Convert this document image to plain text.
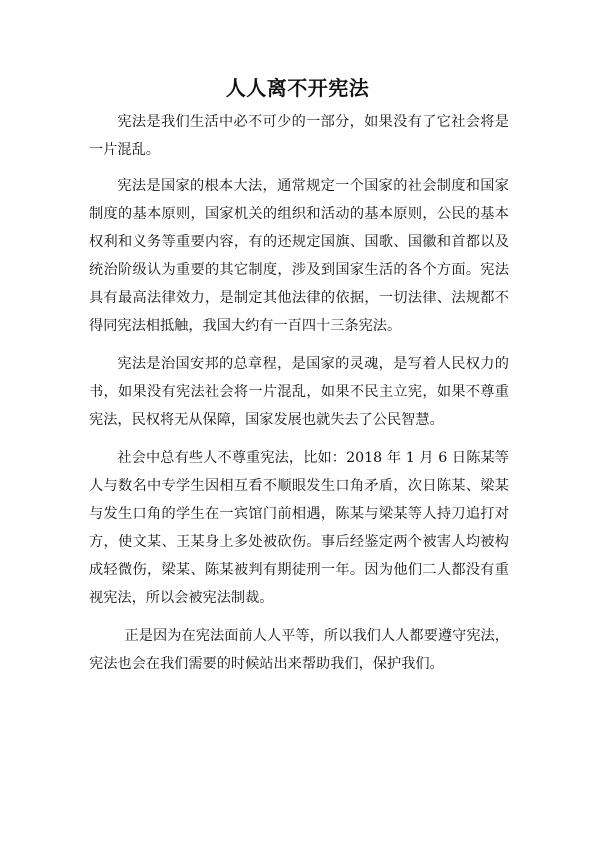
人人离不开宪法

宪法是我们生活中必不可少的一部分，如果没有了它社会将是一片混乱。

宪法是国家的根本大法，通常规定一个国家的社会制度和国家制度的基本原则，国家机关的组织和活动的基本原则，公民的基本权利和义务等重要内容，有的还规定国旗、国歌、国徽和首都以及统治阶级认为重要的其它制度，涉及到国家生活的各个方面。宪法具有最高法律效力，是制定其他法律的依据，一切法律、法规都不得同宪法相抵触，我国大约有一百四十三条宪法。

宪法是治国安邦的总章程，是国家的灵魂，是写着人民权力的书，如果没有宪法社会将一片混乱，如果不民主立宪，如果不尊重宪法，民权将无从保障，国家发展也就失去了公民智慧。

社会中总有些人不尊重宪法，比如：2018 年 1 月 6 日陈某等人与数名中专学生因相互看不顺眼发生口角矛盾，次日陈某、梁某与发生口角的学生在一宾馆门前相遇，陈某与梁某等人持刀追打对方，使文某、王某身上多处被砍伤。事后经鉴定两个被害人均被构成轻微伤，梁某、陈某被判有期徒刑一年。因为他们二人都没有重视宪法，所以会被宪法制裁。

正是因为在宪法面前人人平等，所以我们人人都要遵守宪法，宪法也会在我们需要的时候站出来帮助我们，保护我们。
